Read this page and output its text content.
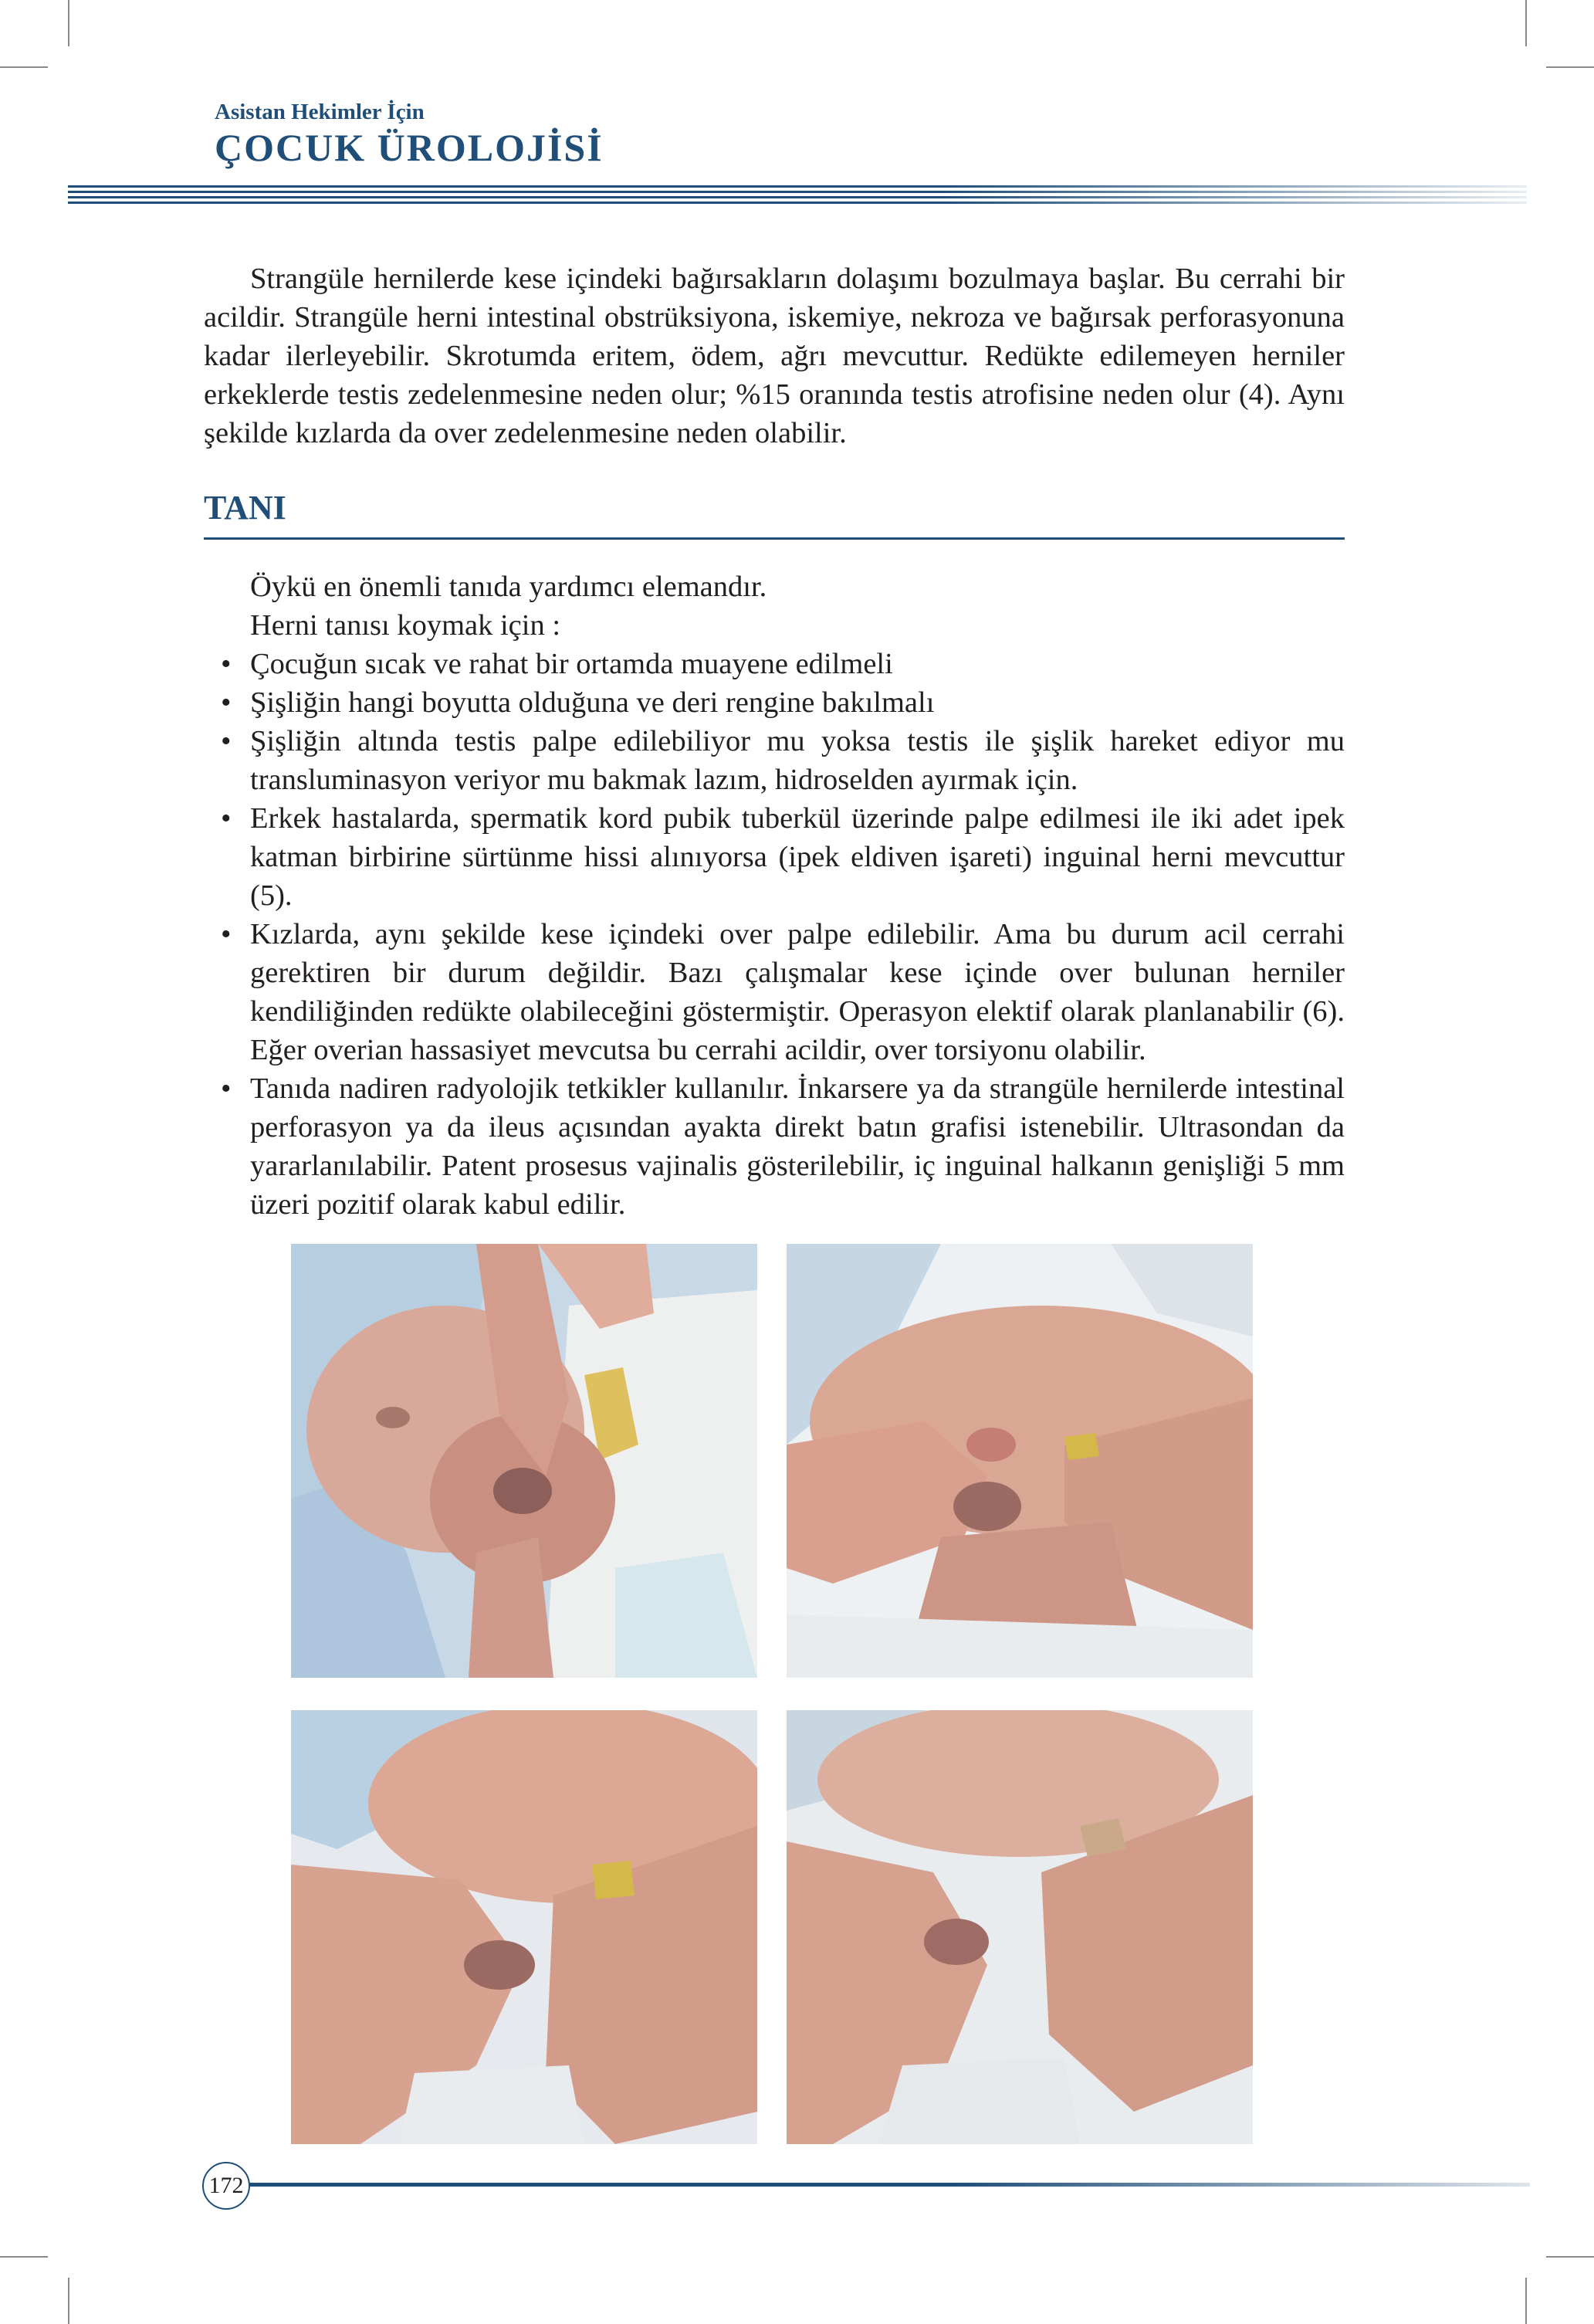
Asistan Hekimler İçin
ÇOCUK ÜROLOJİSİ
Strangüle hernilerde kese içindeki bağırsakların dolaşımı bozulmaya başlar. Bu cerrahi bir acildir. Strangüle herni intestinal obstrüksiyona, iskemiye, nekroza ve bağırsak perforasyonuna kadar ilerleyebilir. Skrotumda eritem, ödem, ağrı mevcuttur. Redükte edilemeyen herniler erkeklerde testis zedelenmesine neden olur; %15 oranında testis atrofisine neden olur (4). Aynı şekilde kızlarda da over zedelenmesine neden olabilir.
TANI
Öykü en önemli tanıda yardımcı elemandır.
Herni tanısı koymak için :
• Çocuğun sıcak ve rahat bir ortamda muayene edilmeli
• Şişliğin hangi boyutta olduğuna ve deri rengine bakılmalı
• Şişliğin altında testis palpe edilebiliyor mu yoksa testis ile şişlik hareket ediyor mu transluminasyon veriyor mu bakmak lazım, hidroselden ayırmak için.
• Erkek hastalarda, spermatik kord pubik tuberkül üzerinde palpe edilmesi ile iki adet ipek katman birbirine sürtünme hissi alınıyorsa (ipek eldiven işareti) inguinal herni mevcuttur (5).
• Kızlarda, aynı şekilde kese içindeki over palpe edilebilir. Ama bu durum acil cerrahi gerektiren bir durum değildir. Bazı çalışmalar kese içinde over bulunan herniler kendiliğinden redükte olabileceğini göstermiştir. Operasyon elektif olarak planlanabilir (6). Eğer overian hassasiyet mevcutsa bu cerrahi acildir, over torsiyonu olabilir.
• Tanıda nadiren radyolojik tetkikler kullanılır. İnkarsere ya da strangüle hernilerde intestinal perforasyon ya da ileus açısından ayakta direkt batın grafisi istenebilir. Ultrasondan da yararlanılabilir. Patent prosesus vajinalis gösterilebilir, iç inguinal halkanın genişliği 5 mm üzeri pozitif olarak kabul edilir.
172
